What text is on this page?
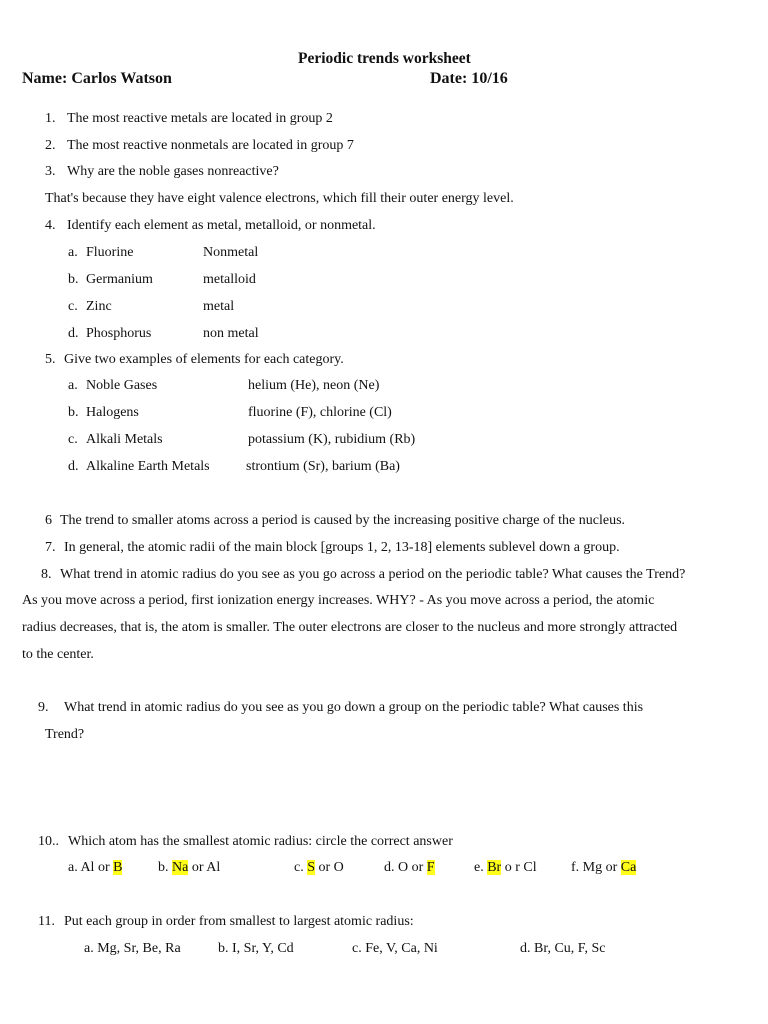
Periodic trends worksheet
Name: Carlos Watson	Date: 10/16
1. The most reactive metals are located in group 2
2. The most reactive nonmetals are located in group 7
3. Why are the noble gases nonreactive?
That's because they have eight valence electrons, which fill their outer energy level.
4. Identify each element as metal, metalloid, or nonmetal.
a. Fluorine	Nonmetal
b. Germanium	metalloid
c. Zinc	metal
d. Phosphorus	non metal
5. Give two examples of elements for each category.
a. Noble Gases	helium (He), neon (Ne)
b. Halogens	fluorine (F), chlorine (Cl)
c. Alkali Metals	potassium (K), rubidium (Rb)
d. Alkaline Earth Metals	strontium (Sr), barium (Ba)
6 The trend to smaller atoms across a period is caused by the increasing positive charge of the nucleus.
7. In general, the atomic radii of the main block [groups 1, 2, 13-18] elements sublevel down a group.
8. What trend in atomic radius do you see as you go across a period on the periodic table? What causes the Trend?
As you move across a period, first ionization energy increases. WHY? - As you move across a period, the atomic
radius decreases, that is, the atom is smaller. The outer electrons are closer to the nucleus and more strongly attracted
to the center.
9. What trend in atomic radius do you see as you go down a group on the periodic table? What causes this
Trend?
10.. Which atom has the smallest atomic radius: circle the correct answer
a. Al or B	b. Na or Al	c. S or O	d. O or F	e. Br o r Cl f. Mg or Ca
11. Put each group in order from smallest to largest atomic radius:
a. Mg, Sr, Be, Ra	b. I, Sr, Y, Cd	c. Fe, V, Ca, Ni	d. Br, Cu, F, Sc
